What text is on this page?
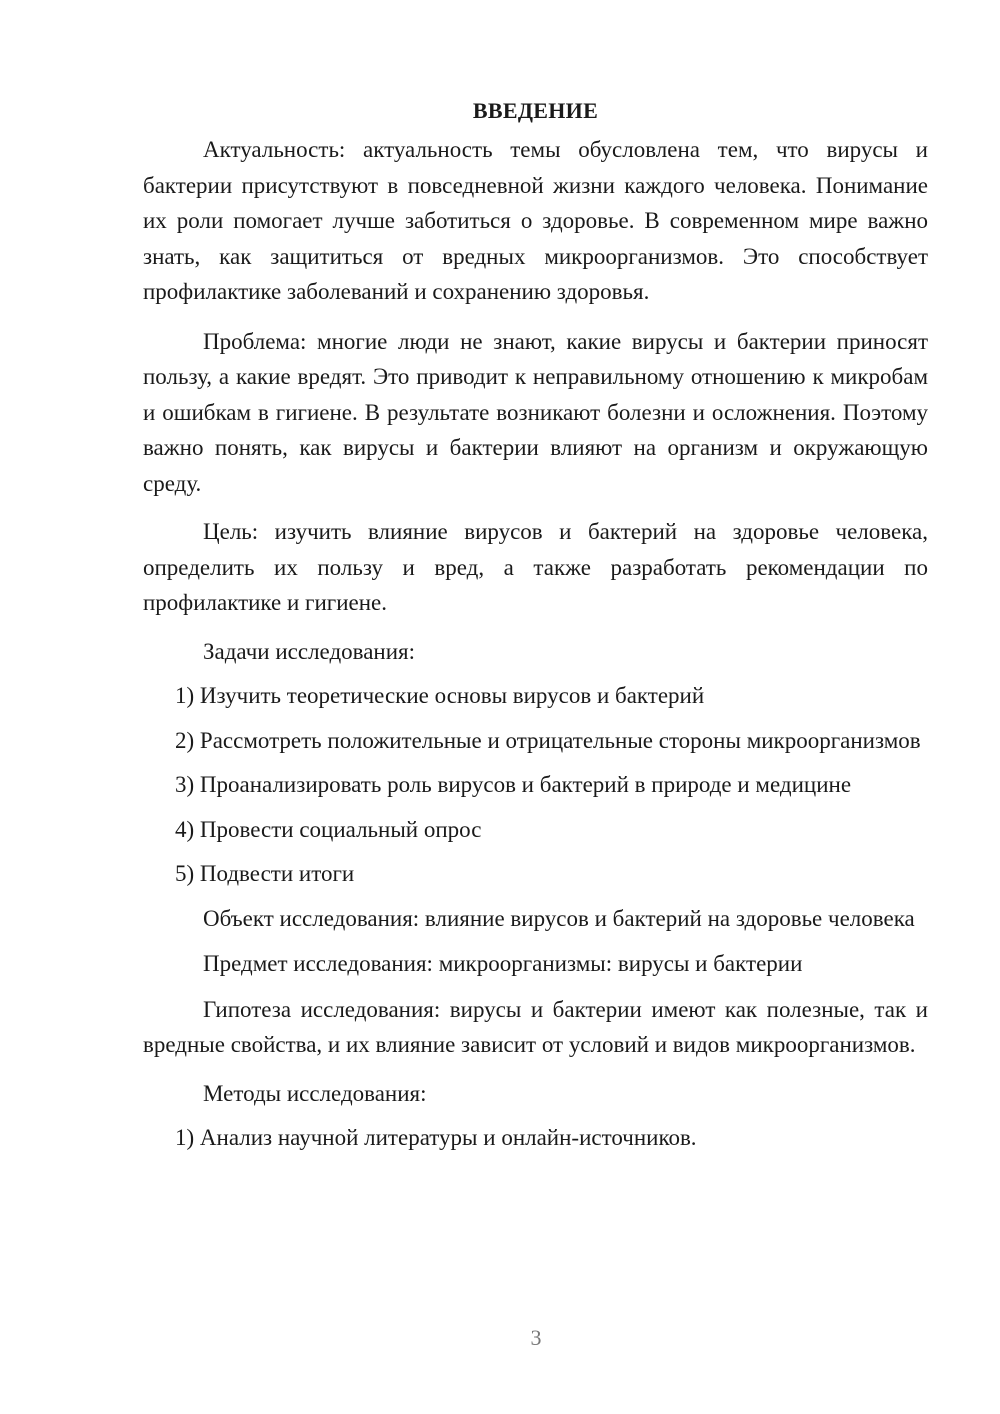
ВВЕДЕНИЕ

Актуальность: актуальность темы обусловлена тем, что вирусы и бактерии присутствуют в повседневной жизни каждого человека. Понимание их роли помогает лучше заботиться о здоровье. В современном мире важно знать, как защититься от вредных микроорганизмов. Это способствует профилактике заболеваний и сохранению здоровья.

Проблема: многие люди не знают, какие вирусы и бактерии приносят пользу, а какие вредят. Это приводит к неправильному отношению к микробам и ошибкам в гигиене. В результате возникают болезни и осложнения. Поэтому важно понять, как вирусы и бактерии влияют на организм и окружающую среду.

Цель: изучить влияние вирусов и бактерий на здоровье человека, определить их пользу и вред, а также разработать рекомендации по профилактике и гигиене.

Задачи исследования:

1) Изучить теоретические основы вирусов и бактерий

2) Рассмотреть положительные и отрицательные стороны микроорганизмов

3) Проанализировать роль вирусов и бактерий в природе и медицине

4) Провести социальный опрос

5) Подвести итоги

Объект исследования: влияние вирусов и бактерий на здоровье человека

Предмет исследования: микроорганизмы: вирусы и бактерии

Гипотеза исследования: вирусы и бактерии имеют как полезные, так и вредные свойства, и их влияние зависит от условий и видов микроорганизмов.

Методы исследования:

1) Анализ научной литературы и онлайн-источников.

3
